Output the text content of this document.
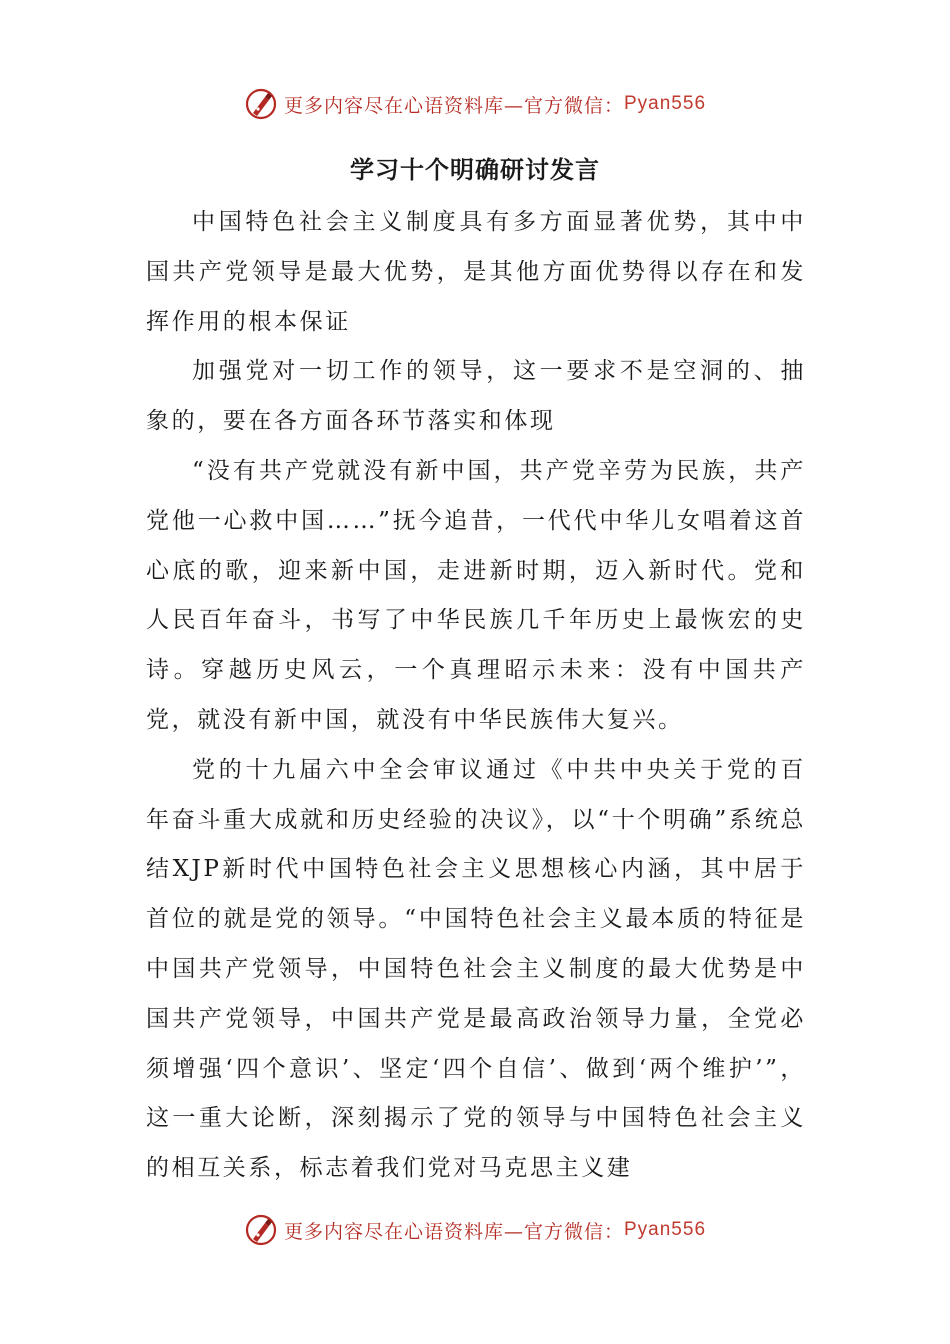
更多内容尽在心语资料库—官方微信： Pyan556
学习十个明确研讨发言

中国特色社会主义制度具有多方面显著优势，其中中国共产党领导是最大优势，是其他方面优势得以存在和发挥作用的根本保证

加强党对一切工作的领导，这一要求不是空洞的、抽象的，要在各方面各环节落实和体现

“没有共产党就没有新中国，共产党辛劳为民族，共产党他一心救中国……”抚今追昔，一代代中华儿女唱着这首心底的歌，迎来新中国，走进新时期，迈入新时代。党和人民百年奋斗，书写了中华民族几千年历史上最恢宏的史诗。穿越历史风云，一个真理昭示未来：没有中国共产党，就没有新中国，就没有中华民族伟大复兴。

党的十九届六中全会审议通过《中共中央关于党的百年奋斗重大成就和历史经验的决议》，以“十个明确”系统总结XJP新时代中国特色社会主义思想核心内涵，其中居于首位的就是党的领导。“中国特色社会主义最本质的特征是中国共产党领导，中国特色社会主义制度的最大优势是中国共产党领导，中国共产党是最高政治领导力量，全党必须增强‘四个意识’、坚定‘四个自信’、做到‘两个维护’”，这一重大论断，深刻揭示了党的领导与中国特色社会主义的相互关系，标志着我们党对马克思主义建

更多内容尽在心语资料库—官方微信： Pyan556
